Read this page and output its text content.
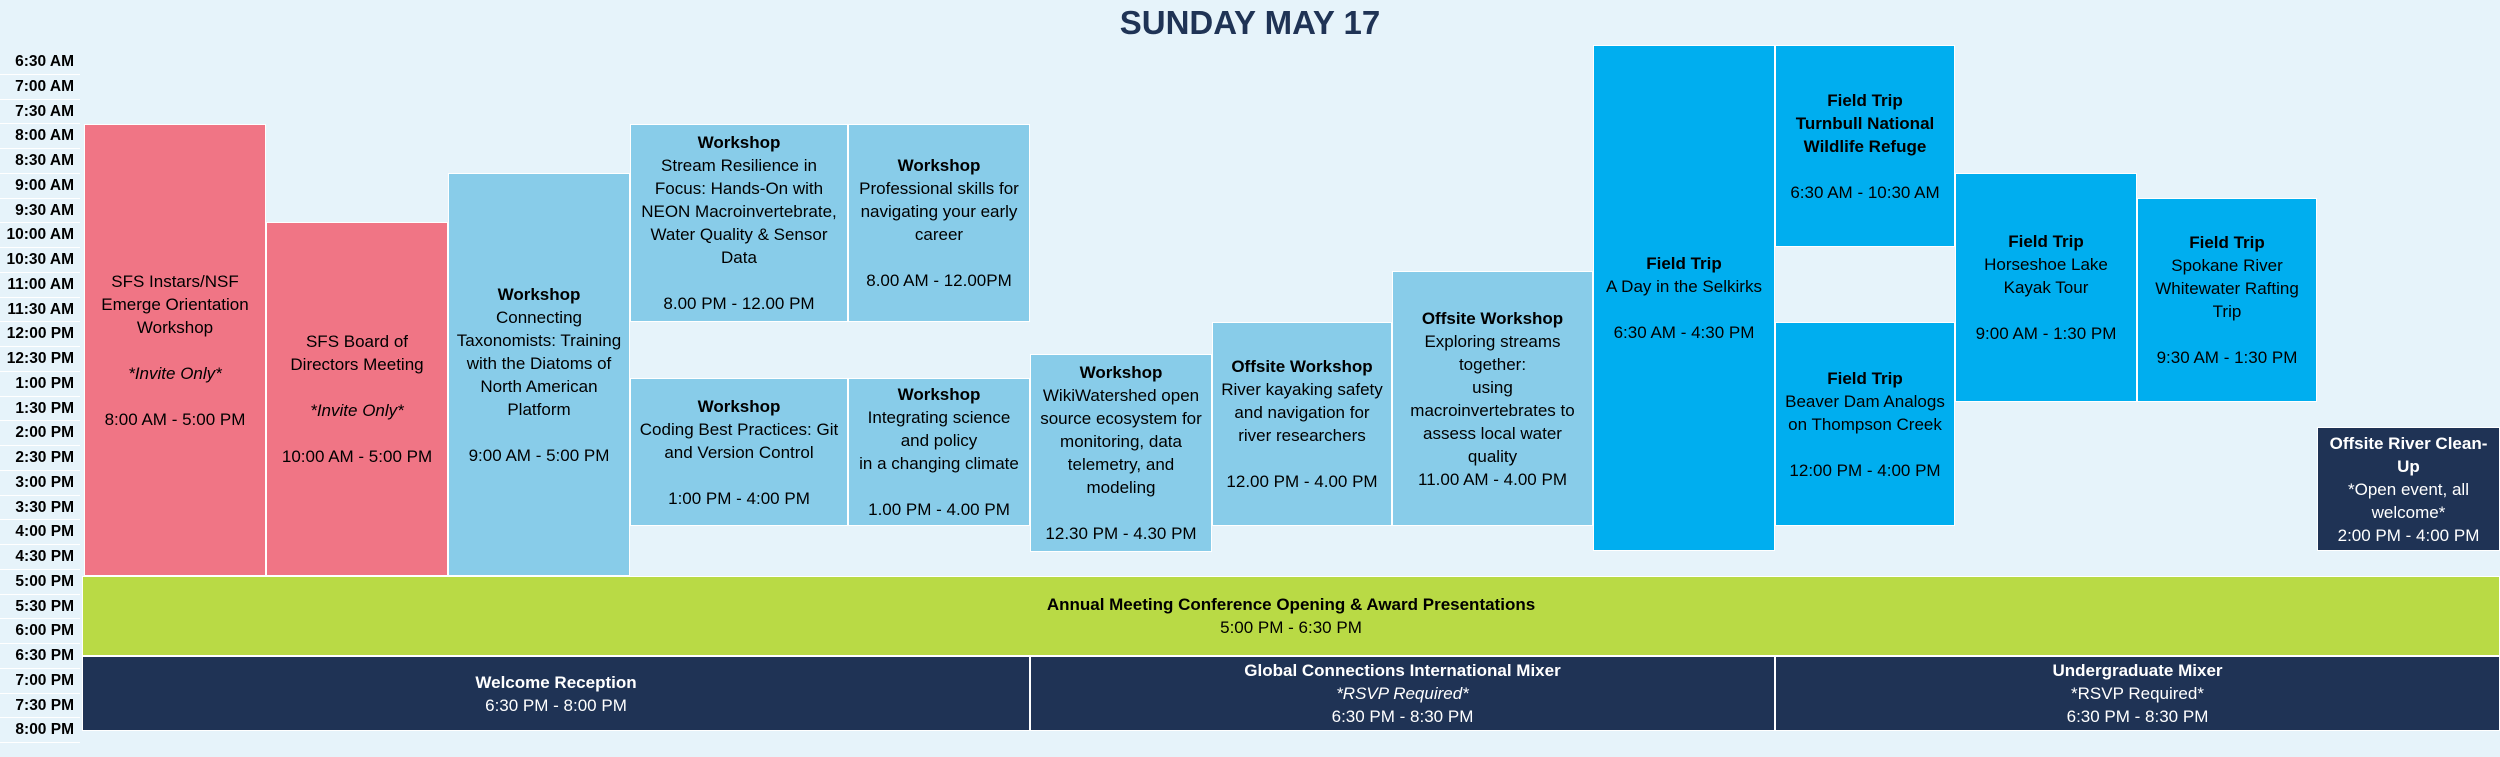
SUNDAY MAY 17
6:30 AM
7:00 AM
7:30 AM
8:00 AM
8:30 AM
9:00 AM
9:30 AM
10:00 AM
10:30 AM
11:00 AM
11:30 AM
12:00 PM
12:30 PM
1:00 PM
1:30 PM
2:00 PM
2:30 PM
3:00 PM
3:30 PM
4:00 PM
4:30 PM
5:00 PM
5:30 PM
6:00 PM
6:30 PM
7:00 PM
7:30 PM
8:00 PM
SFS Instars/NSF Emerge Orientation Workshop
*Invite Only*
8:00 AM - 5:00 PM
SFS Board of Directors Meeting
*Invite Only*
10:00 AM - 5:00 PM
Workshop
Connecting Taxonomists: Training with the Diatoms of North American Platform
9:00 AM - 5:00 PM
Workshop
Stream Resilience in Focus: Hands-On with NEON Macroinvertebrate, Water Quality & Sensor Data
8.00 PM - 12.00 PM
Workshop
Professional skills for navigating your early career
8.00 AM - 12.00PM
Workshop
Coding Best Practices: Git and Version Control
1:00 PM - 4:00 PM
Workshop
Integrating science and policy
in a changing climate
1.00 PM - 4.00 PM
Workshop
WikiWatershed open source ecosystem for monitoring, data telemetry, and modeling
12.30 PM - 4.30 PM
Offsite Workshop
River kayaking safety and navigation for river researchers
12.00 PM - 4.00 PM
Offsite Workshop
Exploring streams together:
using macroinvertebrates to assess local water quality
11.00 AM - 4.00 PM
Field Trip
A Day in the Selkirks
6:30 AM - 4:30 PM
Field Trip
Turnbull National Wildlife Refuge
6:30 AM - 10:30 AM
Field Trip
Beaver Dam Analogs on Thompson Creek
12:00 PM - 4:00 PM
Field Trip
Horseshoe Lake Kayak Tour
9:00 AM - 1:30 PM
Field Trip
Spokane River Whitewater Rafting Trip
9:30 AM - 1:30 PM
Offsite River Clean-Up
*Open event, all welcome*
2:00 PM - 4:00 PM
Annual Meeting Conference Opening & Award Presentations
5:00 PM - 6:30 PM
Welcome Reception
6:30 PM - 8:00 PM
Global Connections International Mixer
*RSVP Required*
6:30 PM - 8:30 PM
Undergraduate Mixer
*RSVP Required*
6:30 PM - 8:30 PM
